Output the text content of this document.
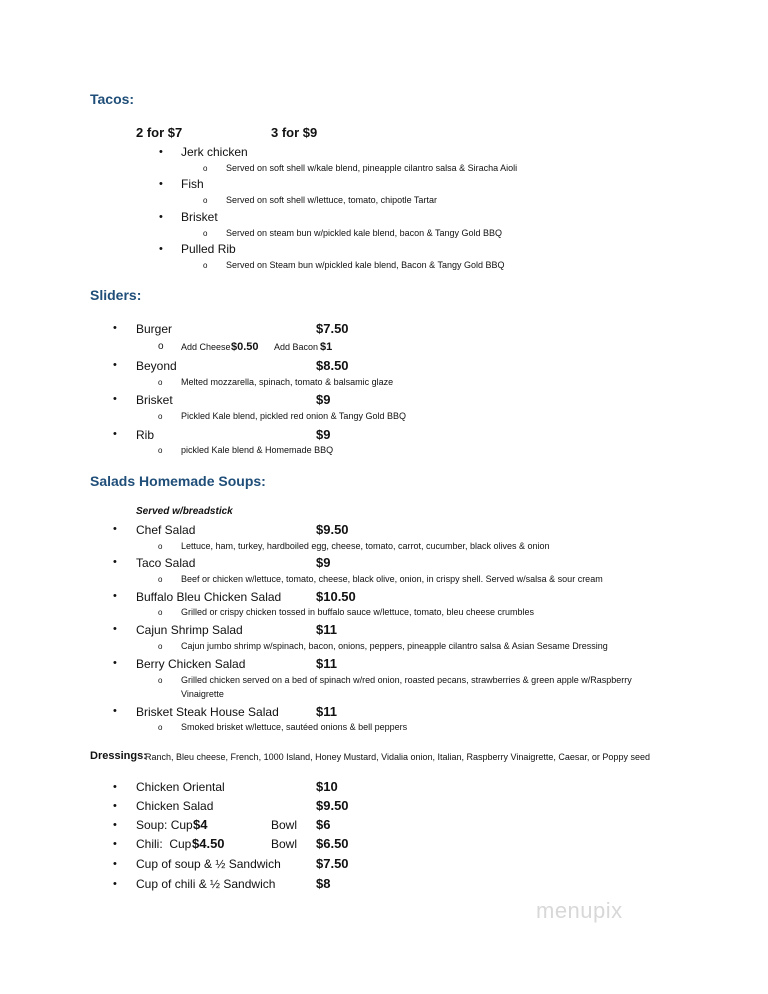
Tacos:
2 for $7	3 for $9
• Jerk chicken
o Served on soft shell w/kale blend, pineapple cilantro salsa & Siracha Aioli
• Fish
o Served on soft shell w/lettuce, tomato, chipotle Tartar
• Brisket
o Served on steam bun w/pickled kale blend, bacon & Tangy Gold BBQ
• Pulled Rib
o Served on Steam bun w/pickled kale blend, Bacon & Tangy Gold BBQ
Sliders:
• Burger	$7.50
o Add Cheese $0.50 Add Bacon $1
• Beyond	$8.50
o Melted mozzarella, spinach, tomato & balsamic glaze
• Brisket	$9
o Pickled Kale blend, pickled red onion & Tangy Gold BBQ
• Rib	$9
o pickled Kale blend & Homemade BBQ
Salads Homemade Soups:
Served w/breadstick
• Chef Salad	$9.50
o Lettuce, ham, turkey, hardboiled egg, cheese, tomato, carrot, cucumber, black olives & onion
• Taco Salad	$9
o Beef or chicken w/lettuce, tomato, cheese, black olive, onion, in crispy shell. Served w/salsa & sour cream
• Buffalo Bleu Chicken Salad	$10.50
o Grilled or crispy chicken tossed in buffalo sauce w/lettuce, tomato, bleu cheese crumbles
• Cajun Shrimp Salad	$11
o Cajun jumbo shrimp w/spinach, bacon, onions, peppers, pineapple cilantro salsa & Asian Sesame Dressing
• Berry Chicken Salad	$11
o Grilled chicken served on a bed of spinach w/red onion, roasted pecans, strawberries & green apple w/Raspberry
Vinaigrette
• Brisket Steak House Salad	$11
o Smoked brisket w/lettuce, sautéed onions & bell peppers
Dressings:
Ranch, Bleu cheese, French, 1000 Island, Honey Mustard, Vidalia onion, Italian, Raspberry Vinaigrette, Caesar, or Poppy seed
• Chicken Oriental	$10
• Chicken Salad	$9.50
• Soup: Cup $4	Bowl $6
• Chili:  Cup $4.50	Bowl $6.50
• Cup of soup & ½ Sandwich	$7.50
• Cup of chili & ½ Sandwich	$8
menupix
